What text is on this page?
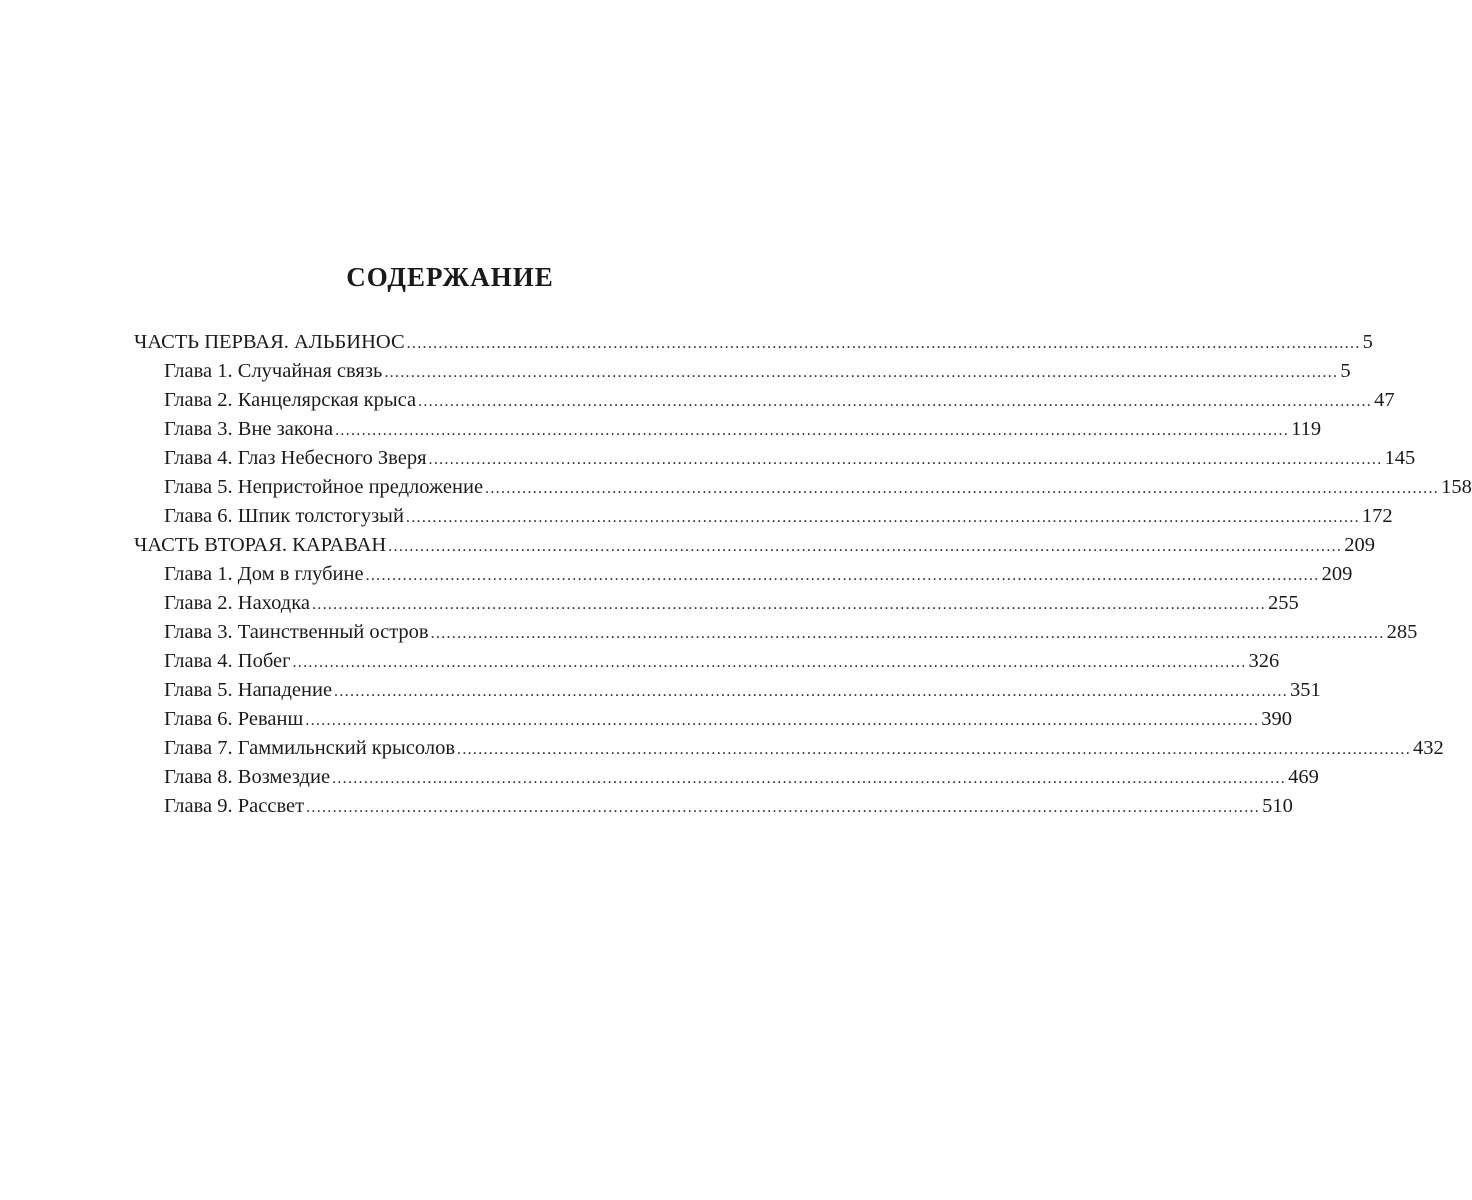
СОДЕРЖАНИЕ
ЧАСТЬ ПЕРВАЯ. АЛЬБИНОС .................................................................................................................................................................................... 5
Глава 1. Случайная связь .................................................................................................................................................................................... 5
Глава 2. Канцелярская крыса .................................................................................................................................................................................... 47
Глава 3. Вне закона .................................................................................................................................................................................... 119
Глава 4. Глаз Небесного Зверя .................................................................................................................................................................................... 145
Глава 5. Непристойное предложение .................................................................................................................................................................................... 158
Глава 6. Шпик толстогузый .................................................................................................................................................................................... 172
ЧАСТЬ ВТОРАЯ. КАРАВАН .................................................................................................................................................................................... 209
Глава 1. Дом в глубине .................................................................................................................................................................................... 209
Глава 2. Находка .................................................................................................................................................................................... 255
Глава 3. Таинственный остров .................................................................................................................................................................................... 285
Глава 4. Побег .................................................................................................................................................................................... 326
Глава 5. Нападение .................................................................................................................................................................................... 351
Глава 6. Реванш .................................................................................................................................................................................... 390
Глава 7. Гаммильнский крысолов .................................................................................................................................................................................... 432
Глава 8. Возмездие .................................................................................................................................................................................... 469
Глава 9. Рассвет .................................................................................................................................................................................... 510
